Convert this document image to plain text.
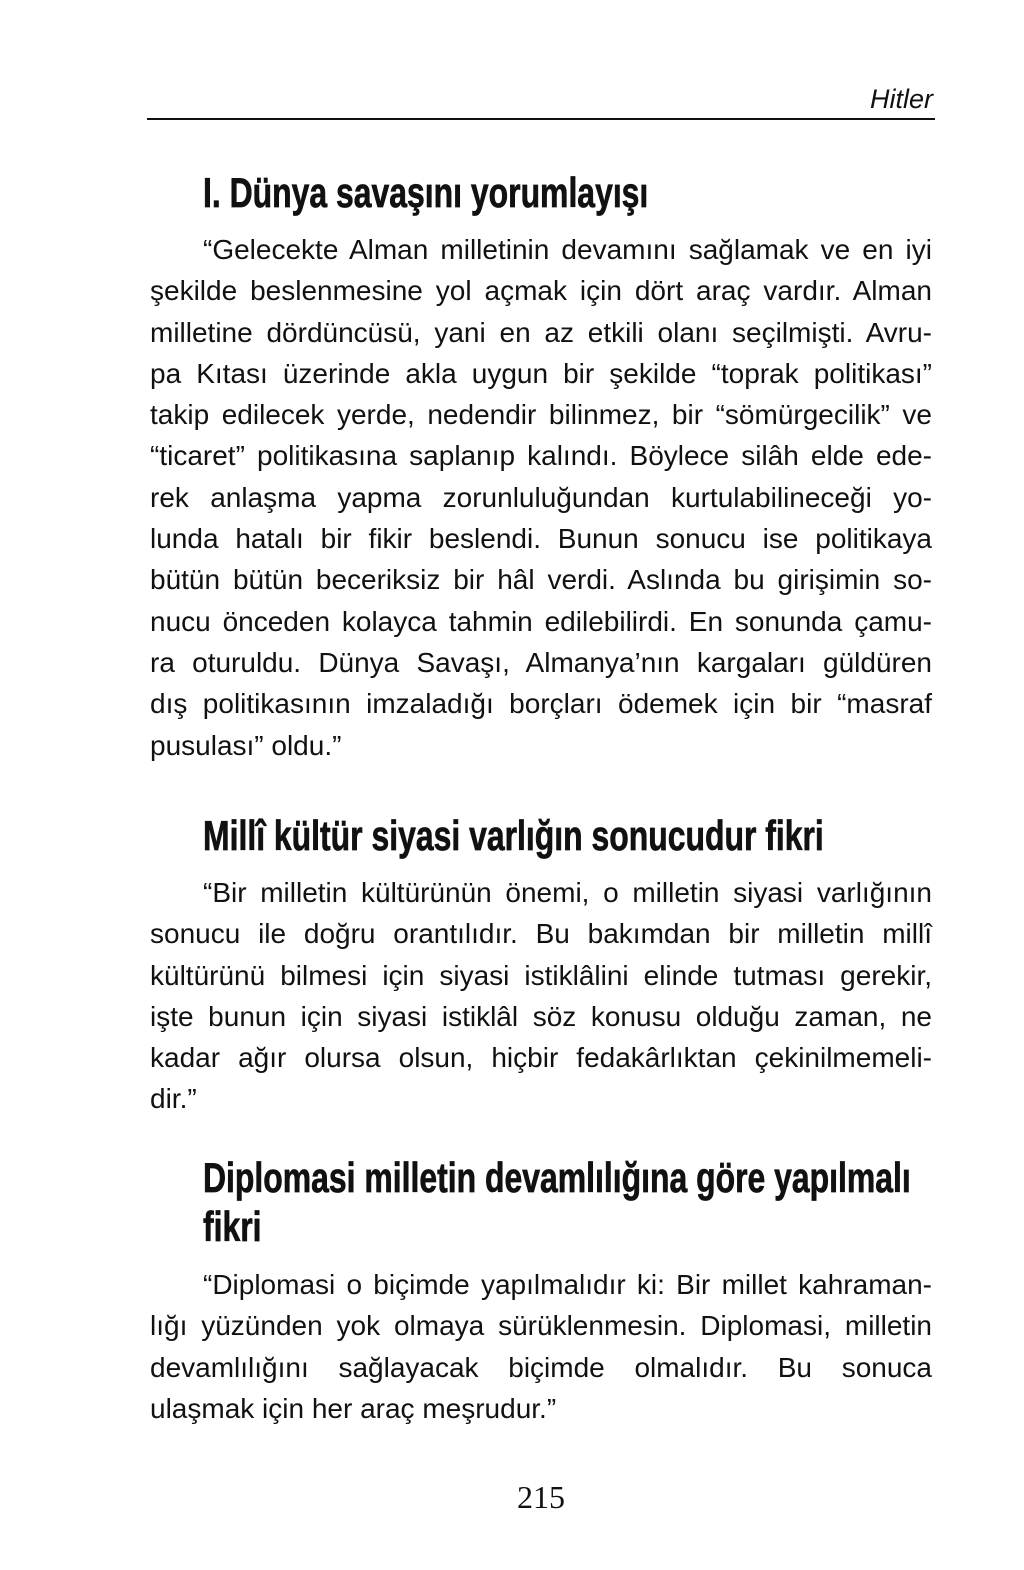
Hitler
I. Dünya savaşını yorumlayışı
“Gelecekte Alman milletinin devamını sağlamak ve en iyi
şekilde beslenmesine yol açmak için dört araç vardır. Alman
milletine dördüncüsü, yani en az etkili olanı seçilmişti. Avru-
pa Kıtası üzerinde akla uygun bir şekilde “toprak politikası”
takip edilecek yerde, nedendir bilinmez, bir “sömürgecilik” ve
“ticaret” politikasına saplanıp kalındı. Böylece silâh elde ede-
rek anlaşma yapma zorunluluğundan kurtulabilineceği yo-
lunda hatalı bir fikir beslendi. Bunun sonucu ise politikaya
bütün bütün beceriksiz bir hâl verdi. Aslında bu girişimin so-
nucu önceden kolayca tahmin edilebilirdi. En sonunda çamu-
ra oturuldu. Dünya Savaşı, Almanya’nın kargaları güldüren
dış politikasının imzaladığı borçları ödemek için bir “masraf
pusulası” oldu.”
Millî kültür siyasi varlığın sonucudur fikri
“Bir milletin kültürünün önemi, o milletin siyasi varlığının
sonucu ile doğru orantılıdır. Bu bakımdan bir milletin millî
kültürünü bilmesi için siyasi istiklâlini elinde tutması gerekir,
işte bunun için siyasi istiklâl söz konusu olduğu zaman, ne
kadar ağır olursa olsun, hiçbir fedakârlıktan çekinilmemeli-
dir.”
Diplomasi milletin devamlılığına göre yapılmalı fikri
“Diplomasi o biçimde yapılmalıdır ki: Bir millet kahraman-
lığı yüzünden yok olmaya sürüklenmesin. Diplomasi, milletin
devamlılığını sağlayacak biçimde olmalıdır. Bu sonuca
ulaşmak için her araç meşrudur.”
215
